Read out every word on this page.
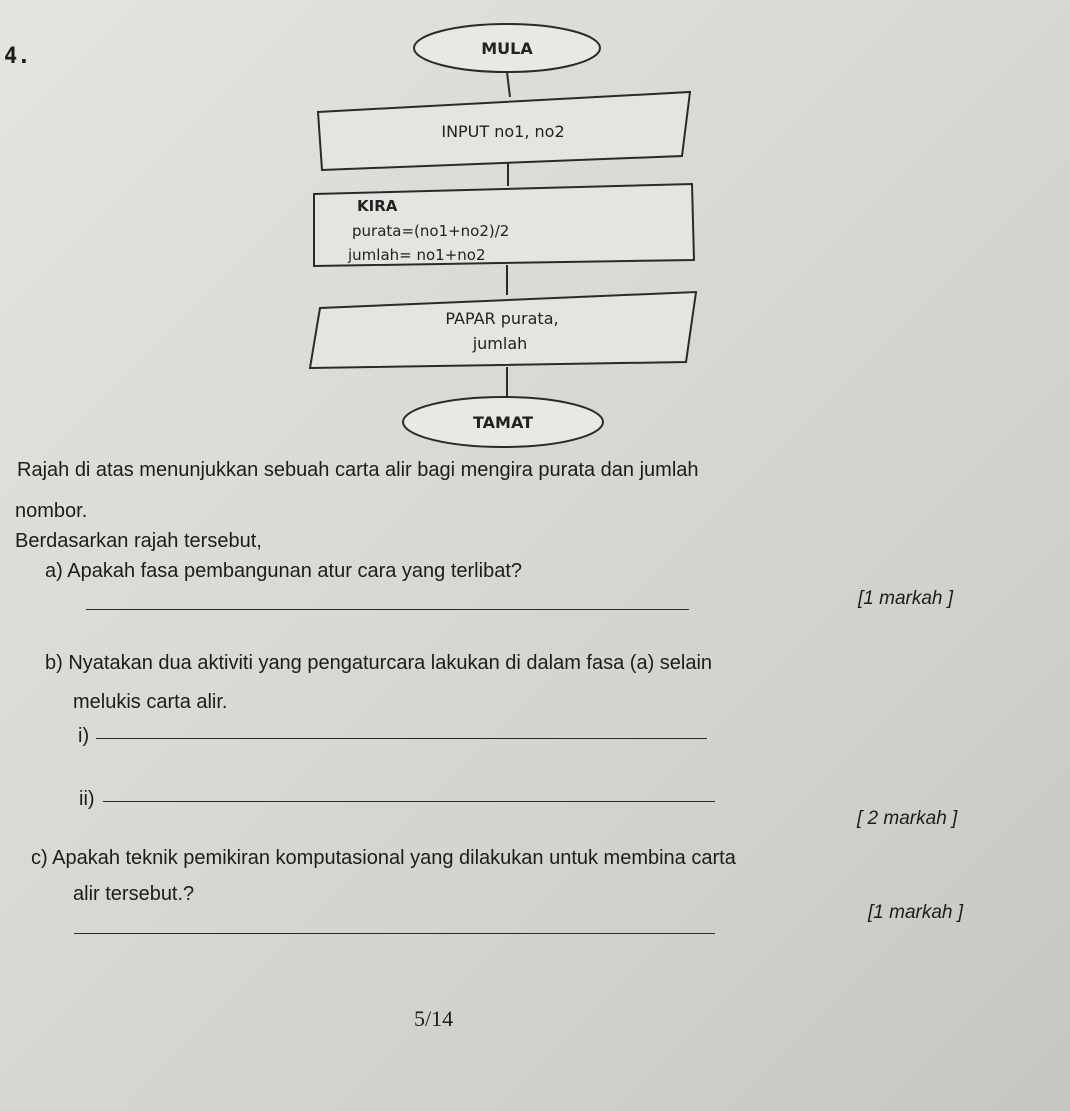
4.	MULA
INPUT no1, no2
KIRA
purata=(no1+no2)/2
jumlah= no1+no2
PAPAR purata,
jumlah
TAMAT
Rajah di atas menunjukkan sebuah carta alir bagi mengira purata dan jumlah
nombor.
Berdasarkan rajah tersebut,
a) Apakah fasa pembangunan atur cara yang terlibat?
[1 markah ]
b) Nyatakan dua aktiviti yang pengaturcara lakukan di dalam fasa (a) selain
melukis carta alir.
i)
ii)
[ 2 markah ]
c) Apakah teknik pemikiran komputasional yang dilakukan untuk membina carta
alir tersebut.?
[1 markah ]
5/14
